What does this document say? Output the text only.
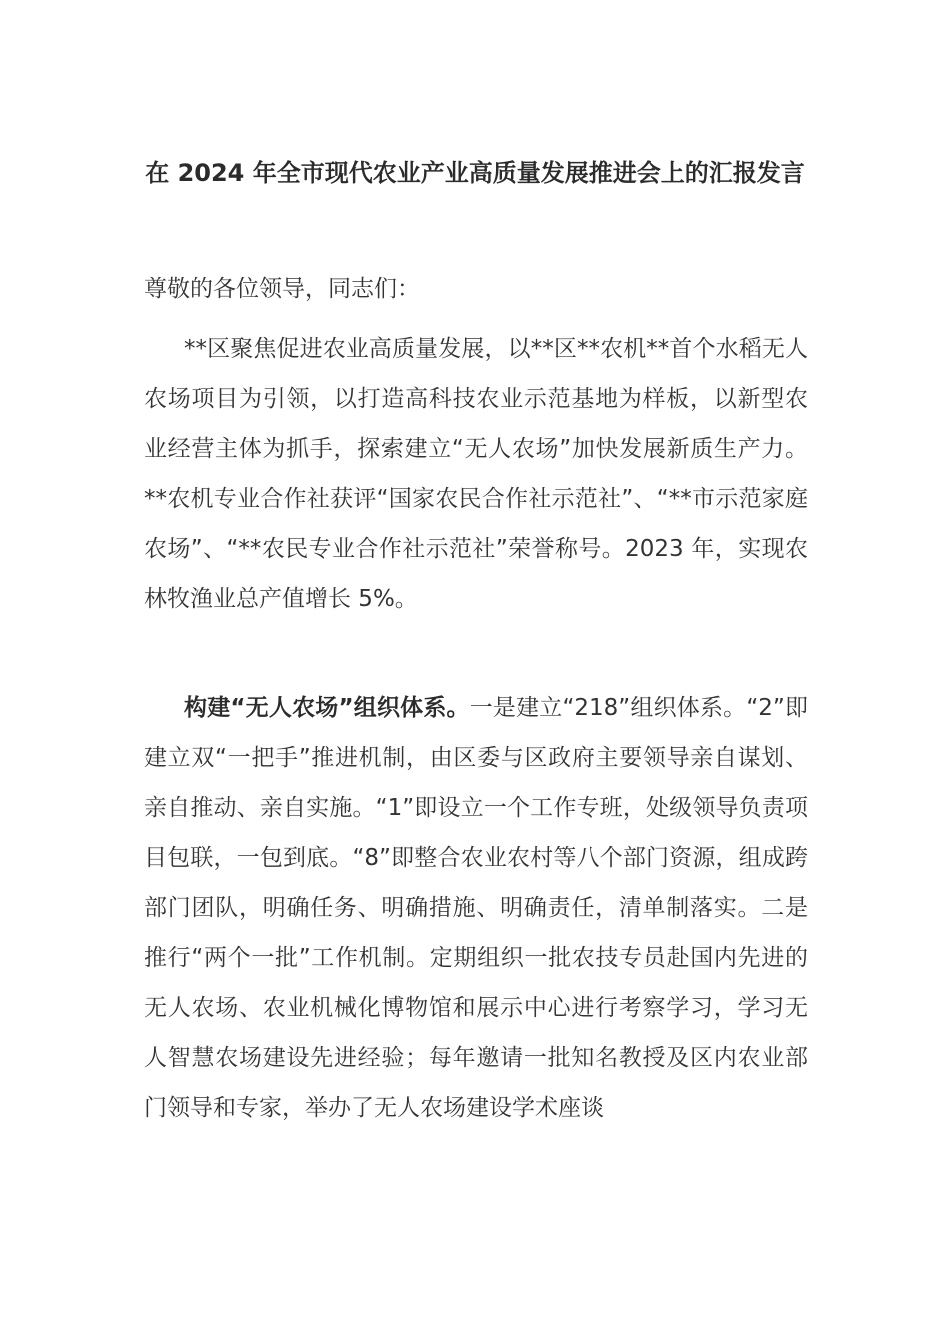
在 2024 年全市现代农业产业高质量发展推进会上的汇报发言

尊敬的各位领导，同志们：

**区聚焦促进农业高质量发展，以**区**农机**首个水稻无人农场项目为引领，以打造高科技农业示范基地为样板，以新型农业经营主体为抓手，探索建立“无人农场”加快发展新质生产力。**农机专业合作社获评“国家农民合作社示范社”、“**市示范家庭农场”、“**农民专业合作社示范社”荣誉称号。2023 年，实现农林牧渔业总产值增长 5%。

构建“无人农场”组织体系。一是建立“218”组织体系。“2”即建立双“一把手”推进机制，由区委与区政府主要领导亲自谋划、亲自推动、亲自实施。“1”即设立一个工作专班，处级领导负责项目包联，一包到底。“8”即整合农业农村等八个部门资源，组成跨部门团队，明确任务、明确措施、明确责任，清单制落实。二是推行“两个一批”工作机制。定期组织一批农技专员赴国内先进的无人农场、农业机械化博物馆和展示中心进行考察学习，学习无人智慧农场建设先进经验；每年邀请一批知名教授及区内农业部门领导和专家，举办了无人农场建设学术座谈
